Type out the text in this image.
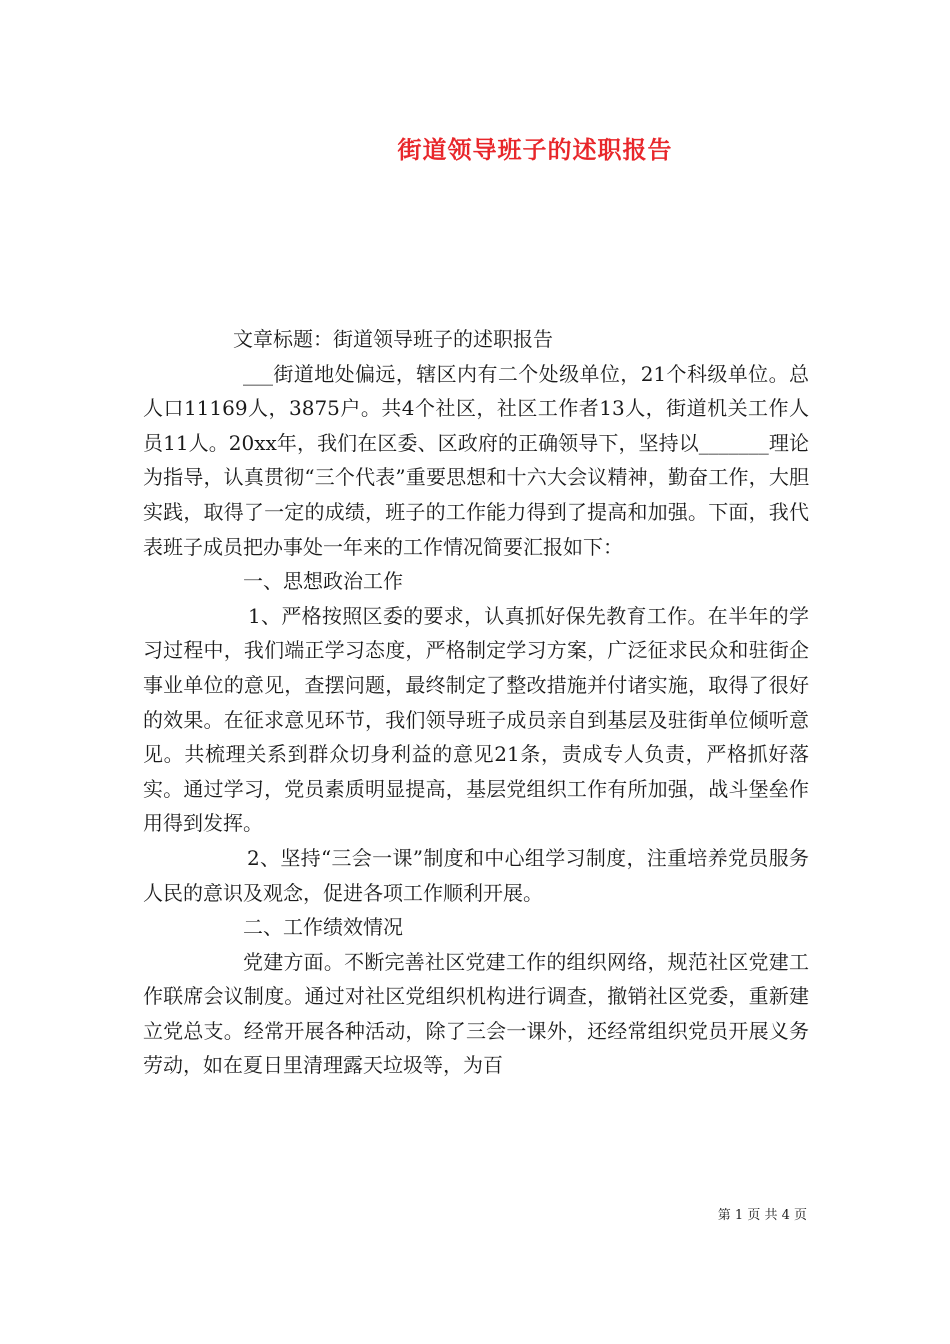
街道领导班子的述职报告

文章标题：街道领导班子的述职报告

___街道地处偏远，辖区内有二个处级单位，21个科级单位。总人口11169人，3875户。共4个社区，社区工作者13人，街道机关工作人员11人。20xx年，我们在区委、区政府的正确领导下，坚持以_______理论为指导，认真贯彻“三个代表”重要思想和十六大会议精神，勤奋工作，大胆实践，取得了一定的成绩，班子的工作能力得到了提高和加强。下面，我代表班子成员把办事处一年来的工作情况简要汇报如下：

一、思想政治工作

1、严格按照区委的要求，认真抓好保先教育工作。在半年的学习过程中，我们端正学习态度，严格制定学习方案，广泛征求民众和驻街企事业单位的意见，查摆问题，最终制定了整改措施并付诸实施，取得了很好的效果。在征求意见环节，我们领导班子成员亲自到基层及驻街单位倾听意见。共梳理关系到群众切身利益的意见21条，责成专人负责，严格抓好落实。通过学习，党员素质明显提高，基层党组织工作有所加强，战斗堡垒作用得到发挥。

2、坚持“三会一课”制度和中心组学习制度，注重培养党员服务人民的意识及观念，促进各项工作顺利开展。

二、工作绩效情况

党建方面。不断完善社区党建工作的组织网络，规范社区党建工作联席会议制度。通过对社区党组织机构进行调查，撤销社区党委，重新建立党总支。经常开展各种活动，除了三会一课外，还经常组织党员开展义务劳动，如在夏日里清理露天垃圾等，为百

第 1 页 共 4 页
